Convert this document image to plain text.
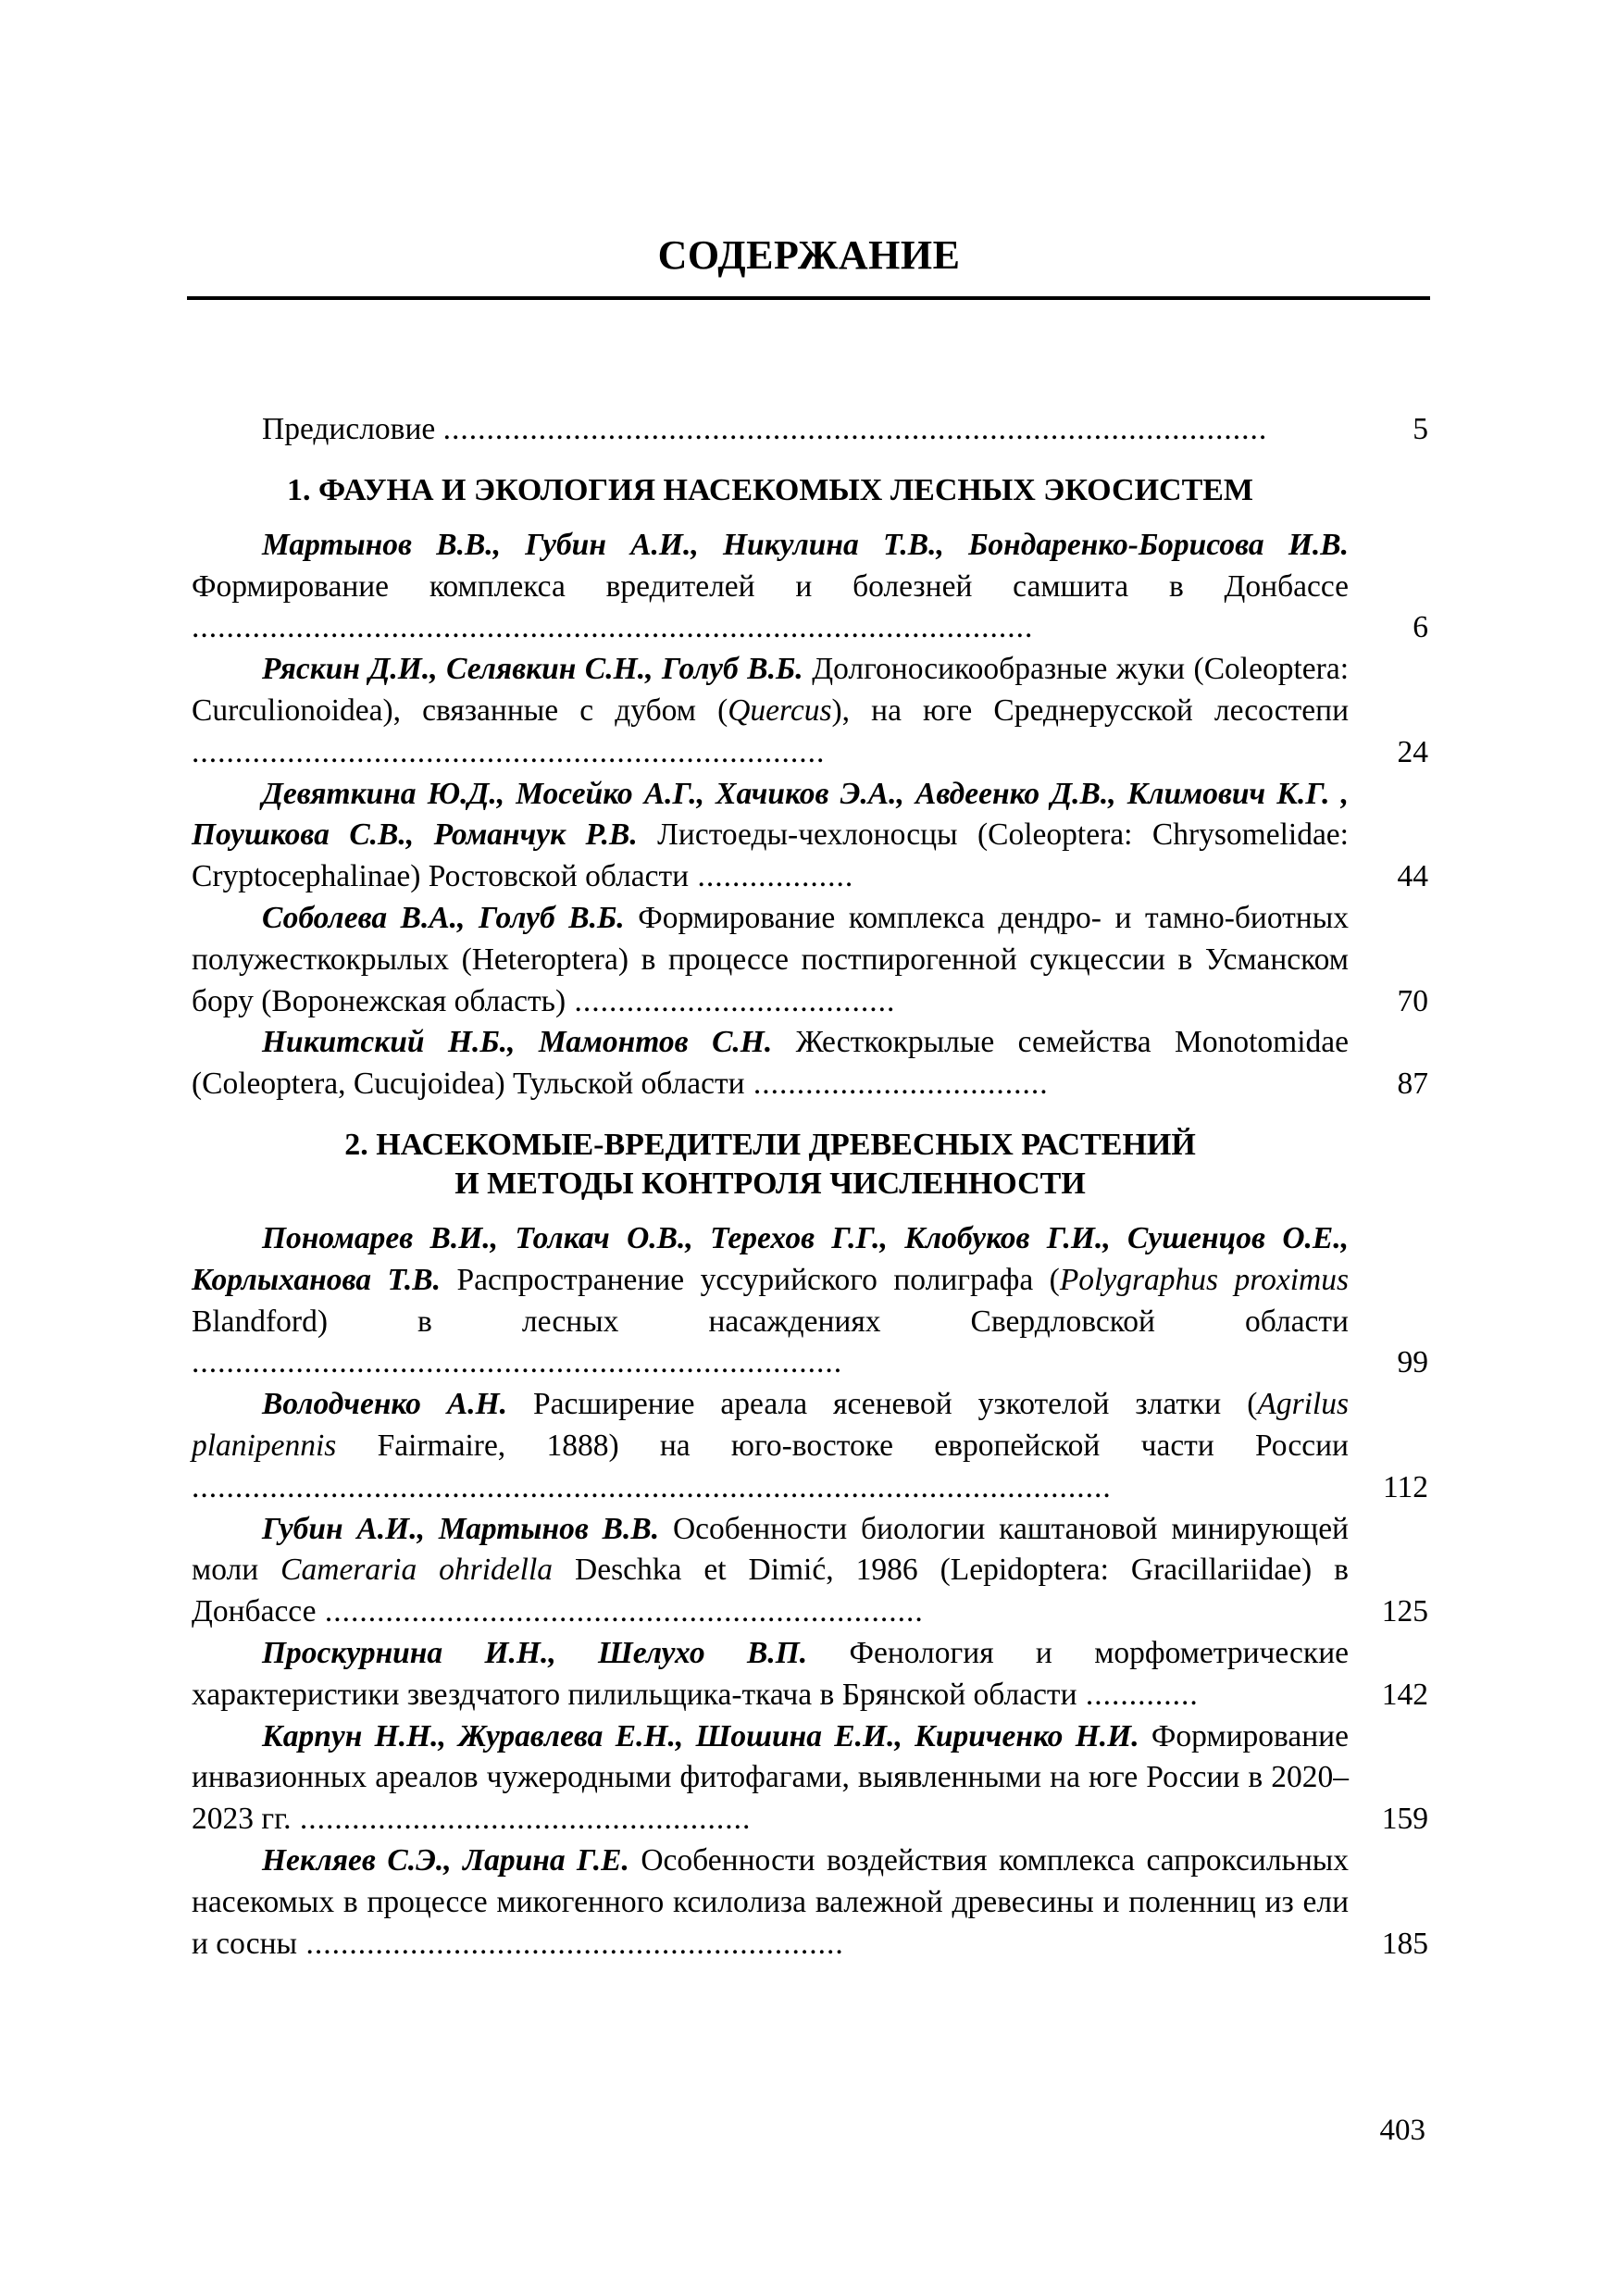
СОДЕРЖАНИЕ
Предисловие ...............................................................................................	5
1. ФАУНА И ЭКОЛОГИЯ НАСЕКОМЫХ ЛЕСНЫХ ЭКОСИСТЕМ
Мартынов В.В., Губин А.И., Никулина Т.В., Бондаренко-Борисова И.В. Формирование комплекса вредителей и болезней самшита в Донбассе .................................................................................................	6
Ряскин Д.И., Селявкин С.Н., Голуб В.Б. Долгоносикообразные жуки (Coleoptera: Curculionoidea), связанные с дубом (Quercus), на юге Среднерусской лесостепи .........................................................................	24
Девяткина Ю.Д., Мосейко А.Г., Хачиков Э.А., Авдеенко Д.В., Климович К.Г. , Поушкова С.В., Романчук Р.В. Листоеды-чехлоносцы (Coleoptera: Chrysomelidae: Cryptocephalinae) Ростовской области ..................	44
Соболева В.А., Голуб В.Б. Формирование комплекса дендро- и тамно-биотных полужесткокрылых (Heteroptera) в процессе постпирогенной сукцессии в Усманском бору (Воронежская область) .....................................	70
Никитский Н.Б., Мамонтов С.Н. Жесткокрылые семейства Monotomidae (Coleoptera, Cucujoidea) Тульской области ..................................	87
2. НАСЕКОМЫЕ-ВРЕДИТЕЛИ ДРЕВЕСНЫХ РАСТЕНИЙ
И МЕТОДЫ КОНТРОЛЯ ЧИСЛЕННОСТИ
Пономарев В.И., Толкач О.В., Терехов Г.Г., Клобуков Г.И., Сушенцов О.Е., Корлыханова Т.В. Распространение уссурийского полиграфа (Polygraphus proximus Blandford) в лесных насаждениях Свердловской области ...........................................................................	99
Володченко А.Н. Расширение ареала ясеневой узкотелой златки (Agrilus planipennis Fairmaire, 1888) на юго-востоке европейской части России ..........................................................................................................	112
Губин А.И., Мартынов В.В. Особенности биологии каштановой минирующей моли Cameraria ohridella Deschka et Dimić, 1986 (Lepidoptera: Gracillariidae) в Донбассе .....................................................................	125
Проскурнина И.Н., Шелухо В.П. Фенология и морфометрические характеристики звездчатого пилильщика-ткача в Брянской области .............	142
Карпун Н.Н., Журавлева Е.Н., Шошина Е.И., Кириченко Н.И. Формирование инвазионных ареалов чужеродными фитофагами, выявленными на юге России в 2020–2023 гг. ....................................................	159
Некляев С.Э., Ларина Г.Е. Особенности воздействия комплекса сапроксильных насекомых в процессе микогенного ксилолиза валежной древесины и поленниц из ели и сосны ..............................................................	185
403
